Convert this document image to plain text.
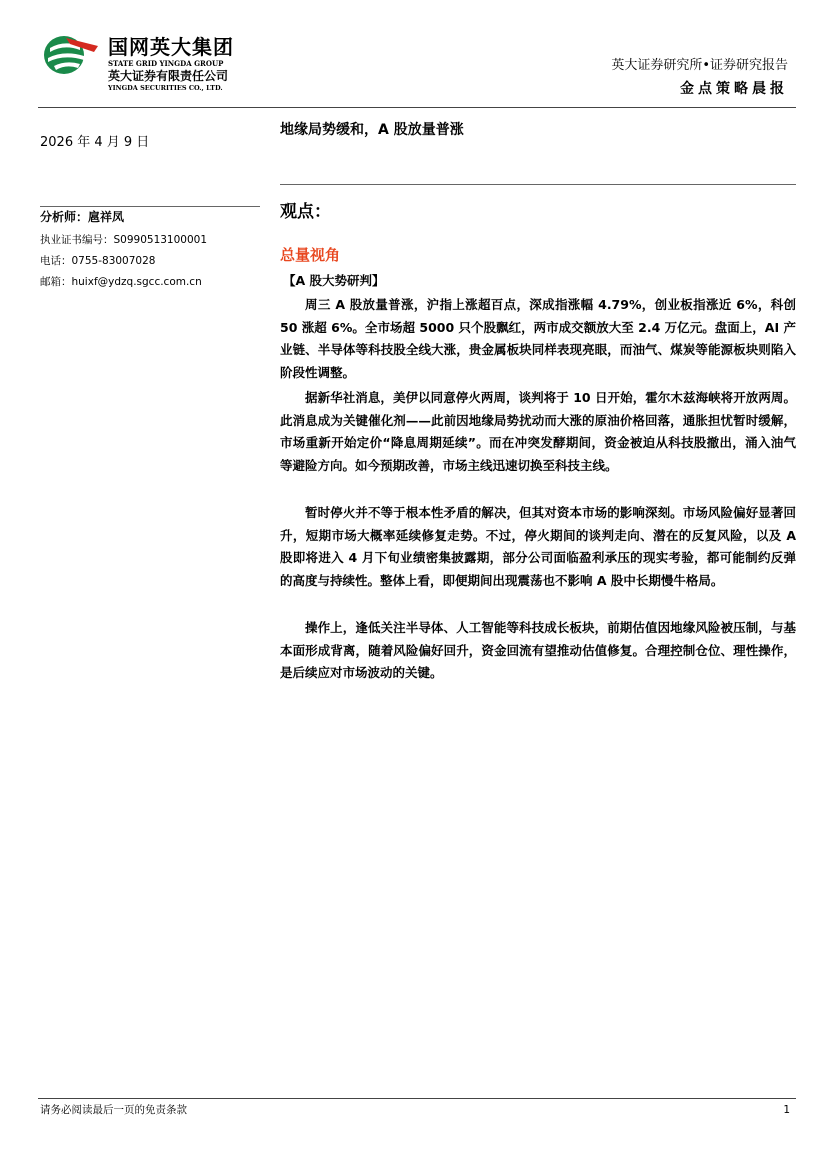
国网英大集团
STATE GRID YINGDA GROUP
英大证券有限责任公司
YINGDA SECURITIES CO., LTD.
英大证券研究所•证券研究报告
金点策略晨报
2026 年 4 月 9 日
分析师：扈祥凤
执业证书编号：S0990513100001
电话：0755-83007028
邮箱：huixf@ydzq.sgcc.com.cn
地缘局势缓和，A 股放量普涨
观点：
总量视角
【A 股大势研判】

周三 A 股放量普涨，沪指上涨超百点，深成指涨幅 4.79%，创业板指涨近 6%，科创 50 涨超 6%。全市场超 5000 只个股飘红，两市成交额放大至 2.4 万亿元。盘面上，AI 产业链、半导体等科技股全线大涨，贵金属板块同样表现亮眼，而油气、煤炭等能源板块则陷入阶段性调整。

据新华社消息，美伊以同意停火两周，谈判将于 10 日开始，霍尔木兹海峡将开放两周。此消息成为关键催化剂——此前因地缘局势扰动而大涨的原油价格回落，通胀担忧暂时缓解，市场重新开始定价“降息周期延续”。而在冲突发酵期间，资金被迫从科技股撤出，涌入油气等避险方向。如今预期改善，市场主线迅速切换至科技主线。

暂时停火并不等于根本性矛盾的解决，但其对资本市场的影响深刻。市场风险偏好显著回升，短期市场大概率延续修复走势。不过，停火期间的谈判走向、潜在的反复风险，以及 A 股即将进入 4 月下旬业绩密集披露期，部分公司面临盈利承压的现实考验，都可能制约反弹的高度与持续性。整体上看，即便期间出现震荡也不影响 A 股中长期慢牛格局。

操作上，逢低关注半导体、人工智能等科技成长板块，前期估值因地缘风险被压制，与基本面形成背离，随着风险偏好回升，资金回流有望推动估值修复。合理控制仓位、理性操作，是后续应对市场波动的关键。

请务必阅读最后一页的免责条款	1
